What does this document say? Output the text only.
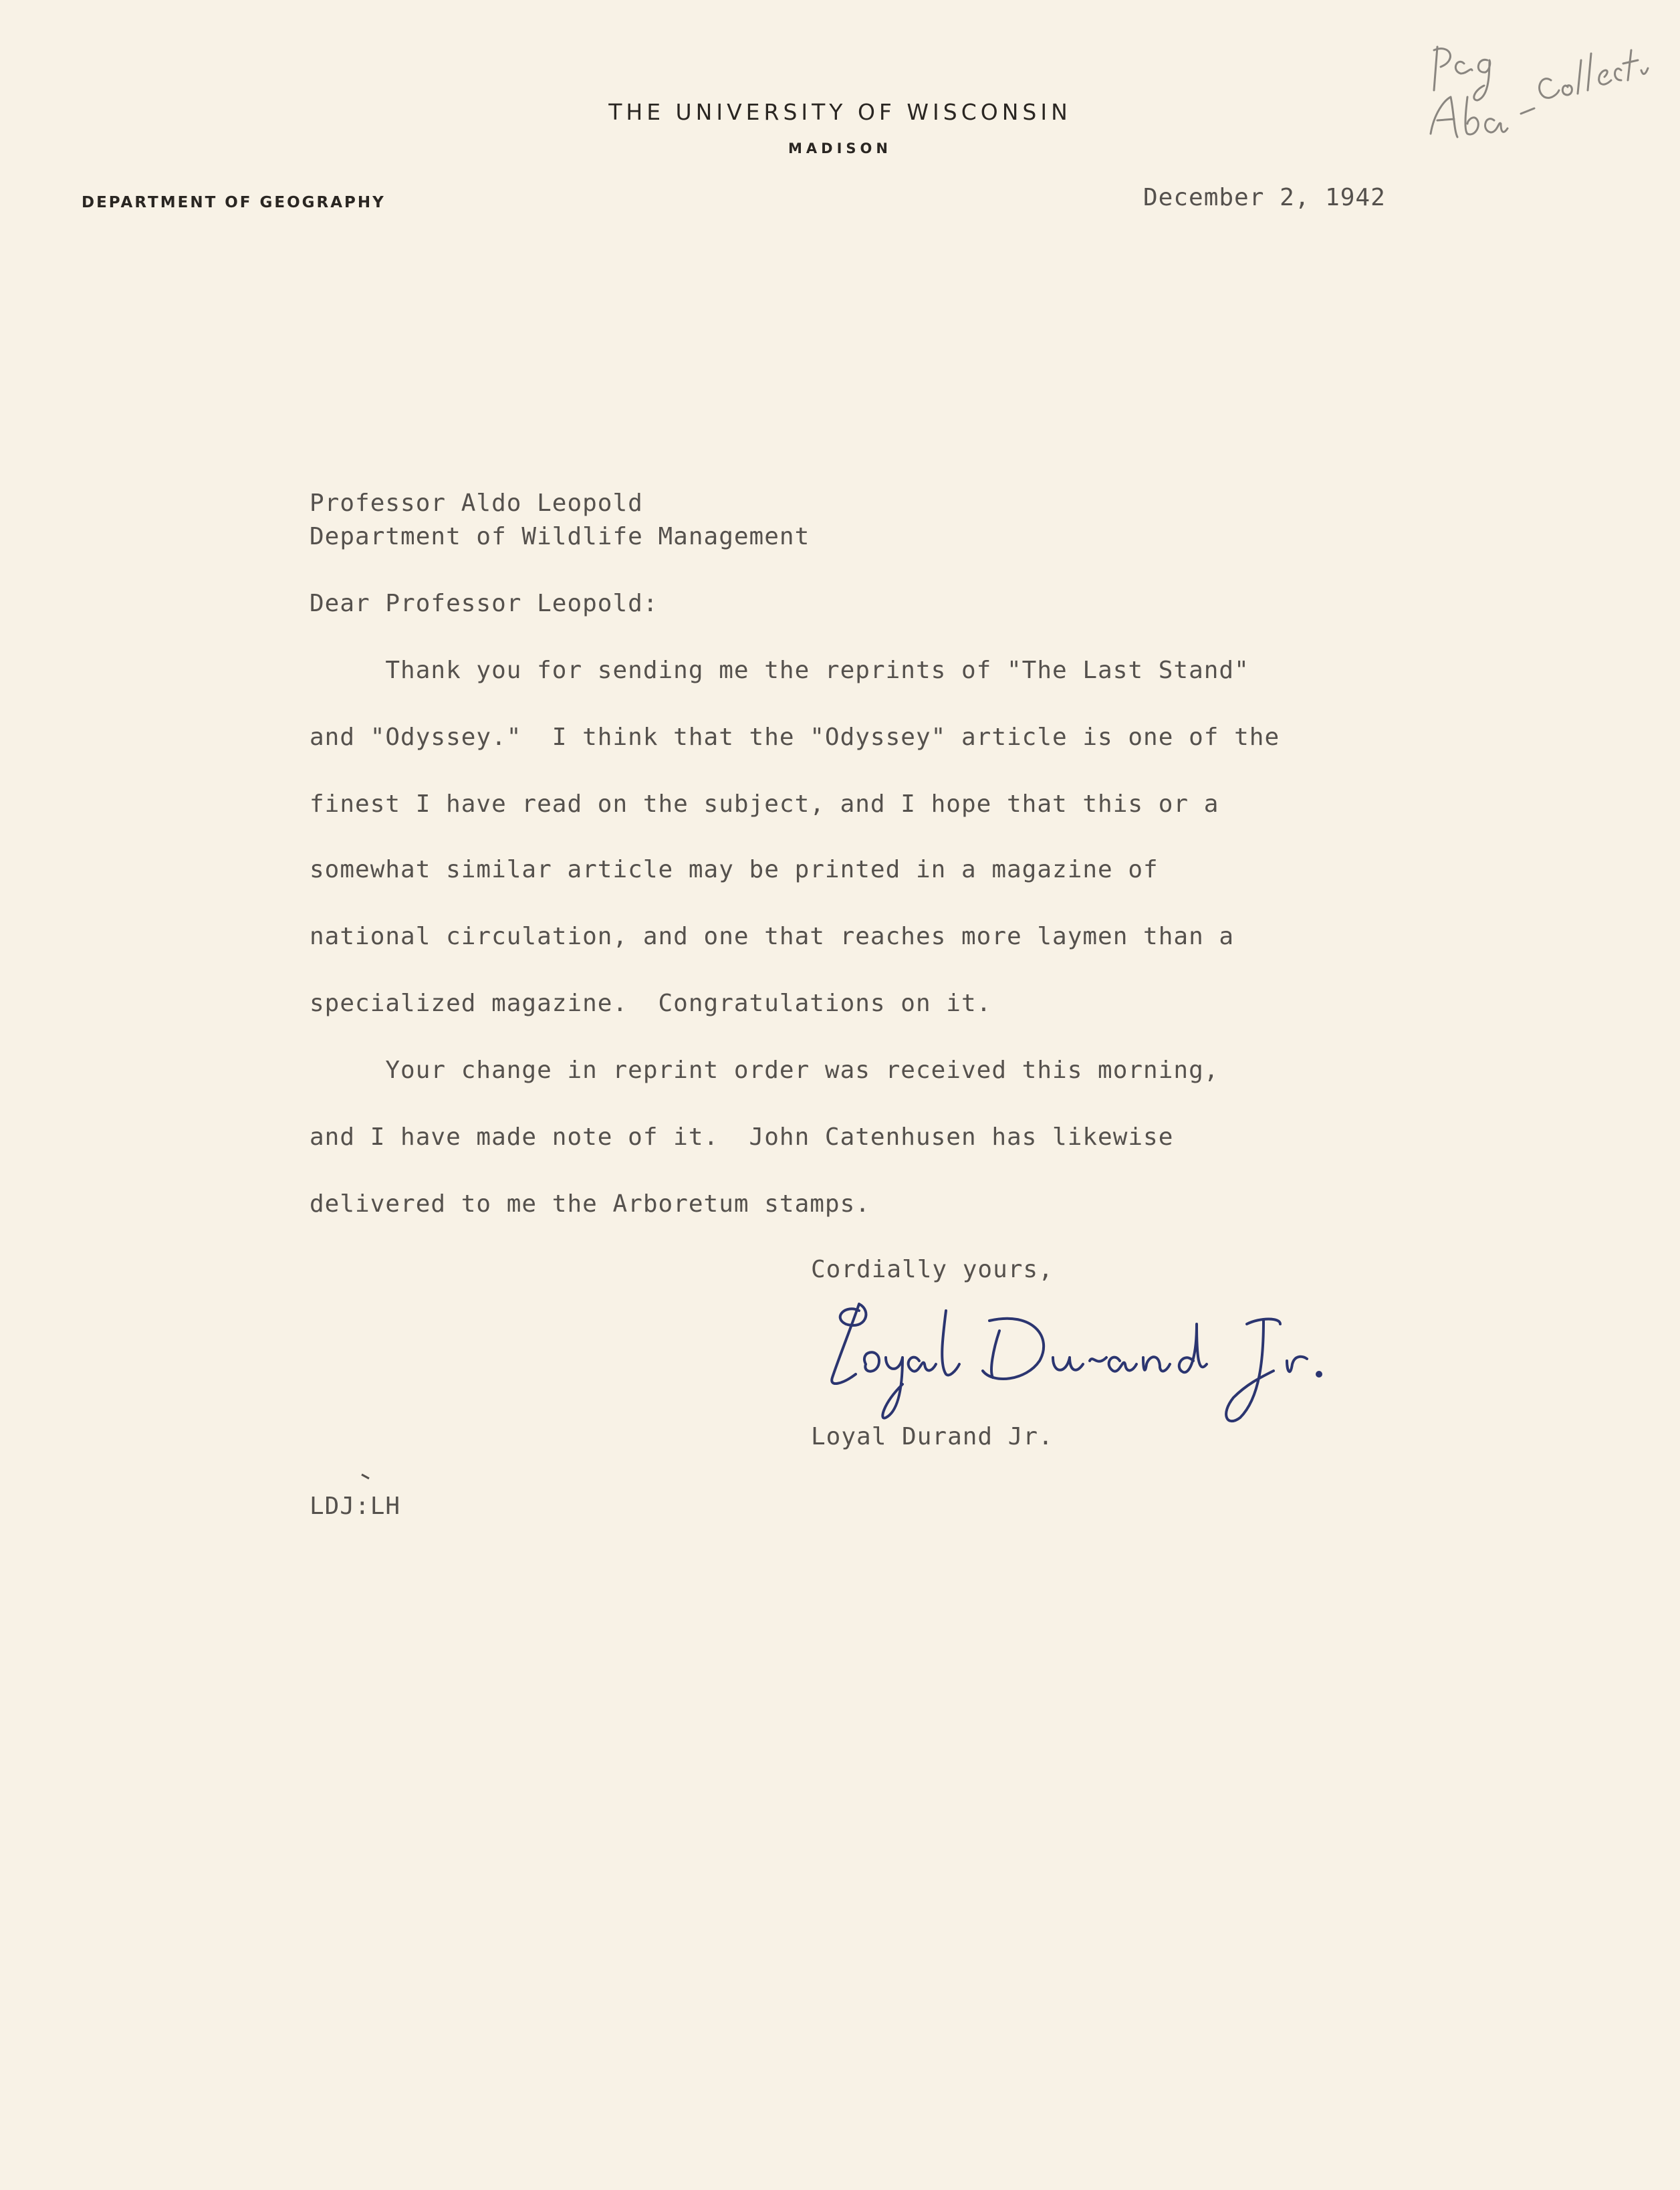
THE UNIVERSITY OF WISCONSIN
MADISON
DEPARTMENT OF GEOGRAPHY	December 2, 1942
Professor Aldo Leopold
Department of Wildlife Management
Dear Professor Leopold:
Thank you for sending me the reprints of "The Last Stand"
and "Odyssey."  I think that the "Odyssey" article is one of the
finest I have read on the subject, and I hope that this or a
somewhat similar article may be printed in a magazine of
national circulation, and one that reaches more laymen than a
specialized magazine.  Congratulations on it.
Your change in reprint order was received this morning,
and I have made note of it.  John Catenhusen has likewise
delivered to me the Arboretum stamps.
Cordially yours,
Loyal Durand Jr.
LDJ:LH
